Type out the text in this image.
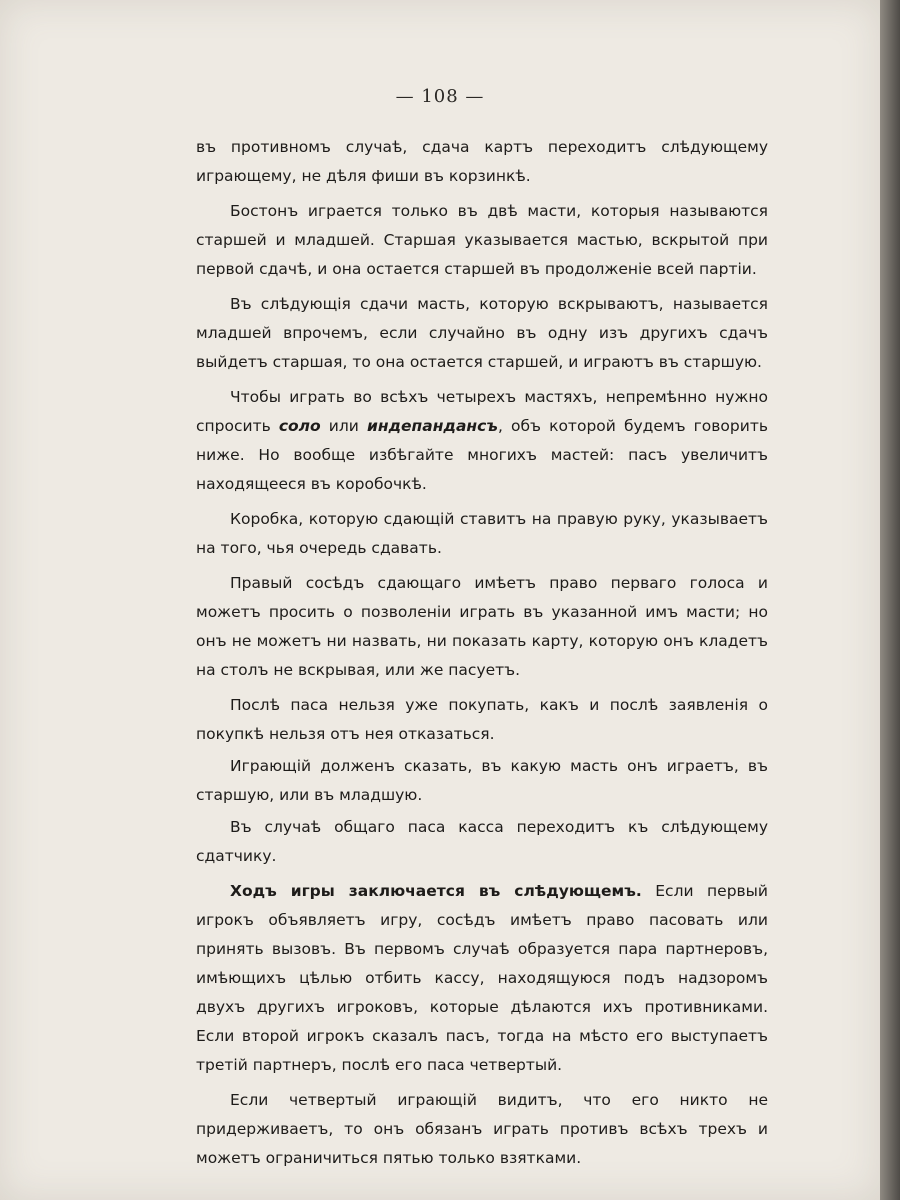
— 108 —

въ противномъ случаѣ, сдача картъ переходитъ слѣдующему играющему, не дѣля фиши въ корзинкѣ.

Бостонъ играется только въ двѣ масти, которыя называются старшей и младшей. Старшая указывается мастью, вскрытой при первой сдачѣ, и она остается старшей въ продолженіе всей партіи.

Въ слѣдующія сдачи масть, которую вскрываютъ, называется младшей впрочемъ, если случайно въ одну изъ другихъ сдачъ выйдетъ старшая, то она остается старшей, и играютъ въ старшую.

Чтобы играть во всѣхъ четырехъ мастяхъ, непремѣнно нужно спросить соло или индепандансъ, объ которой будемъ говорить ниже. Но вообще избѣгайте многихъ мастей: пасъ увеличитъ находящееся въ коробочкѣ.

Коробка, которую сдающій ставитъ на правую руку, указываетъ на того, чья очередь сдавать.

Правый сосѣдъ сдающаго имѣетъ право перваго голоса и можетъ просить о позволеніи играть въ указанной имъ масти; но онъ не можетъ ни назвать, ни показать карту, которую онъ кладетъ на столъ не вскрывая, или же пасуетъ.

Послѣ паса нельзя уже покупать, какъ и послѣ заявленія о покупкѣ нельзя отъ нея отказаться.

Играющій долженъ сказать, въ какую масть онъ играетъ, въ старшую, или въ младшую.

Въ случаѣ общаго паса касса переходитъ къ слѣдующему сдатчику.

Ходъ игры заключается въ слѣдующемъ. Если первый игрокъ объявляетъ игру, сосѣдъ имѣетъ право пасовать или принять вызовъ. Въ первомъ случаѣ образуется пара партнеровъ, имѣющихъ цѣлью отбить кассу, находящуюся подъ надзоромъ двухъ другихъ игроковъ, которые дѣлаются ихъ противниками. Если второй игрокъ сказалъ пасъ, тогда на мѣсто его выступаетъ третій партнеръ, послѣ его паса четвертый.

Если четвертый играющій видитъ, что его никто не придерживаетъ, то онъ обязанъ играть противъ всѣхъ трехъ и можетъ ограничиться пятью только взятками.
